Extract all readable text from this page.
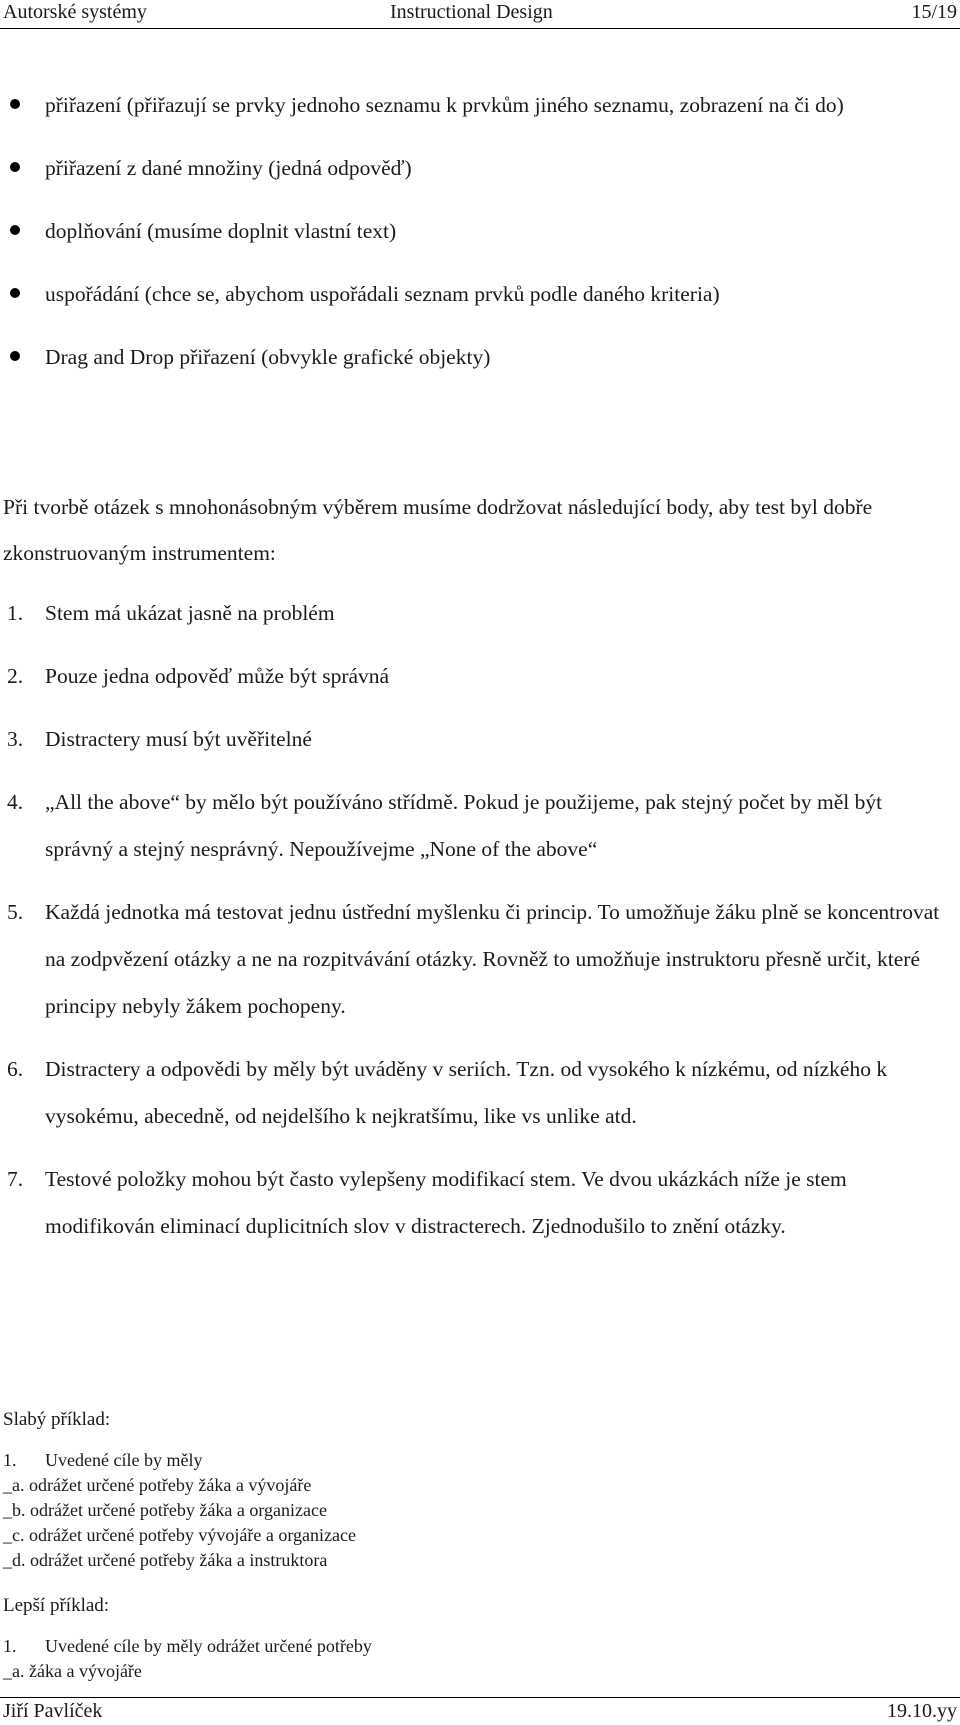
Autorské systémy	Instructional Design	15/19
přiřazení (přiřazují se prvky jednoho seznamu k prvkům jiného seznamu, zobrazení na či do)
přiřazení z dané množiny (jedná odpověď)
doplňování (musíme doplnit vlastní text)
uspořádání (chce se, abychom uspořádali seznam prvků podle daného kriteria)
Drag and Drop přiřazení (obvykle grafické objekty)

Při tvorbě otázek s mnohonásobným výběrem musíme dodržovat následující body, aby test byl dobře zkonstruovaným instrumentem:

1. Stem má ukázat jasně na problém
2. Pouze jedna odpověď může být správná
3. Distractery musí být uvěřitelné
4. „All the above“ by mělo být používáno střídmě. Pokud je použijeme, pak stejný počet by měl být správný a stejný nesprávný. Nepoužívejme „None of the above“
5. Každá jednotka má testovat jednu ústřední myšlenku či princip. To umožňuje žáku plně se koncentrovat na zodpvězení otázky a ne na rozpitvávání otázky. Rovněž to umožňuje instruktoru přesně určit, které principy nebyly žákem pochopeny.
6. Distractery a odpovědi by měly být uváděny v seriích. Tzn. od vysokého k nízkému, od nízkého k vysokému, abecedně, od nejdelšího k nejkratšímu, like vs unlike atd.
7. Testové položky mohou být často vylepšeny modifikací stem. Ve dvou ukázkách níže je stem modifikován eliminací duplicitních slov v distracterech. Zjednodušilo to znění otázky.

Slabý příklad:

1. Uvedené cíle by měly
_a. odrážet určené potřeby žáka a vývojáře
_b. odrážet určené potřeby žáka a organizace
_c. odrážet určené potřeby vývojáře a organizace
_d. odrážet určené potřeby žáka a instruktora

Lepší příklad:

1. Uvedené cíle by měly odrážet určené potřeby
_a. žáka a vývojáře
Jiří Pavlíček	19.10.yy
